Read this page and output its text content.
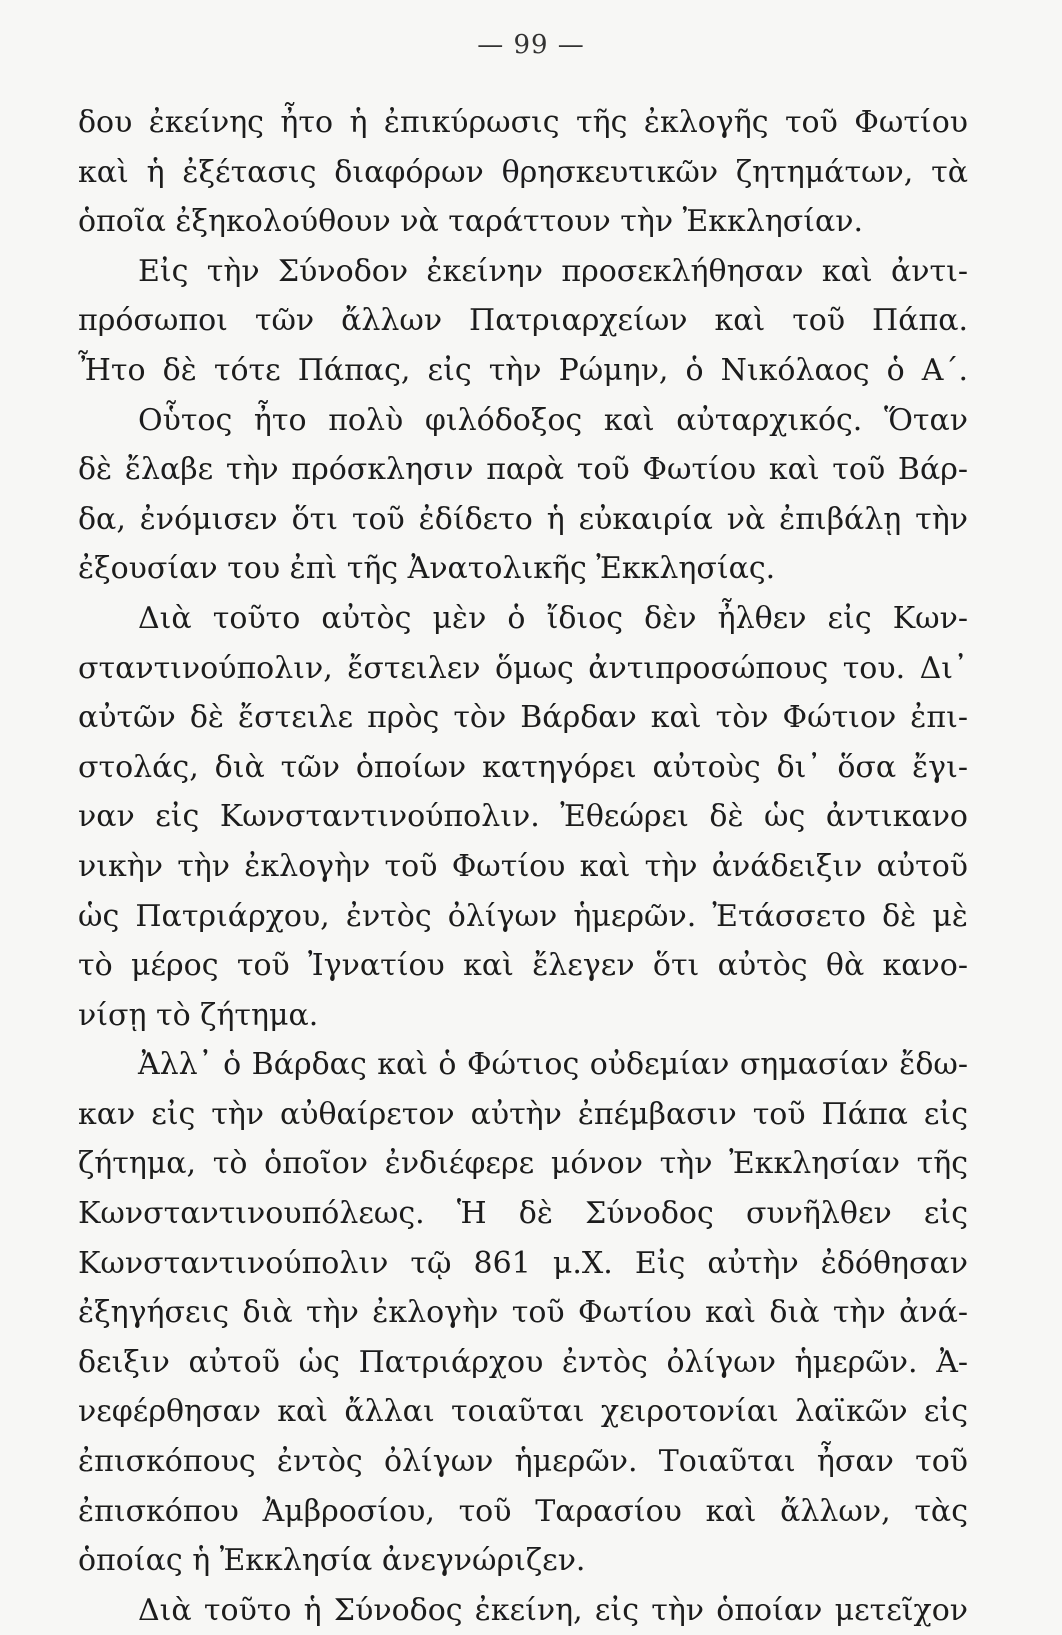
— 99 —
δου ἐκείνης ἦτο ἡ ἐπικύρωσις τῆς ἐκλογῆς τοῦ Φωτίου
καὶ ἡ ἐξέτασις διαφόρων θρησκευτικῶν ζητημάτων, τὰ
ὁποῖα ἐξηκολούθουν νὰ ταράττουν τὴν Ἐκκλησίαν.
Εἰς τὴν Σύνοδον ἐκείνην προσεκλήθησαν καὶ ἀντι-
πρόσωποι τῶν ἄλλων Πατριαρχείων καὶ τοῦ Πάπα.
Ἦτο δὲ τότε Πάπας, εἰς τὴν Ρώμην, ὁ Νικόλαος ὁ Α΄.
Οὗτος ἦτο πολὺ φιλόδοξος καὶ αὐταρχικός. Ὅταν
δὲ ἔλαβε τὴν πρόσκλησιν παρὰ τοῦ Φωτίου καὶ τοῦ Βάρ-
δα, ἐνόμισεν ὅτι τοῦ ἐδίδετο ἡ εὐκαιρία νὰ ἐπιβάλῃ τὴν
ἐξουσίαν του ἐπὶ τῆς Ἀνατολικῆς Ἐκκλησίας.
Διὰ τοῦτο αὐτὸς μὲν ὁ ἴδιος δὲν ἦλθεν εἰς Κων-
σταντινούπολιν, ἔστειλεν ὅμως ἀντιπροσώπους του. Δι᾿
αὐτῶν δὲ ἔστειλε πρὸς τὸν Βάρδαν καὶ τὸν Φώτιον ἐπι-
στολάς, διὰ τῶν ὁποίων κατηγόρει αὐτοὺς δι᾿ ὅσα ἔγι-
ναν εἰς Κωνσταντινούπολιν. Ἐθεώρει δὲ ὡς ἀντικανο
νικὴν τὴν ἐκλογὴν τοῦ Φωτίου καὶ τὴν ἀνάδειξιν αὐτοῦ
ὡς Πατριάρχου, ἐντὸς ὀλίγων ἡμερῶν. Ἐτάσσετο δὲ μὲ
τὸ μέρος τοῦ Ἰγνατίου καὶ ἔλεγεν ὅτι αὐτὸς θὰ κανο-
νίσῃ τὸ ζήτημα.
Ἀλλ᾿ ὁ Βάρδας καὶ ὁ Φώτιος οὐδεμίαν σημασίαν ἔδω-
καν εἰς τὴν αὐθαίρετον αὐτὴν ἐπέμβασιν τοῦ Πάπα εἰς
ζήτημα, τὸ ὁποῖον ἐνδιέφερε μόνον τὴν Ἐκκλησίαν τῆς
Κωνσταντινουπόλεως. Ἡ δὲ Σύνοδος συνῆλθεν εἰς
Κωνσταντινούπολιν τῷ 861 μ.Χ. Εἰς αὐτὴν ἐδόθησαν
ἐξηγήσεις διὰ τὴν ἐκλογὴν τοῦ Φωτίου καὶ διὰ τὴν ἀνά-
δειξιν αὐτοῦ ὡς Πατριάρχου ἐντὸς ὀλίγων ἡμερῶν. Ἀ-
νεφέρθησαν καὶ ἄλλαι τοιαῦται χειροτονίαι λαϊκῶν εἰς
ἐπισκόπους ἐντὸς ὀλίγων ἡμερῶν. Τοιαῦται ἦσαν τοῦ
ἐπισκόπου Ἀμβροσίου, τοῦ Ταρασίου καὶ ἄλλων, τὰς
ὁποίας ἡ Ἐκκλησία ἀνεγνώριζεν.
Διὰ τοῦτο ἡ Σύνοδος ἐκείνη, εἰς τὴν ὁποίαν μετεῖχον
